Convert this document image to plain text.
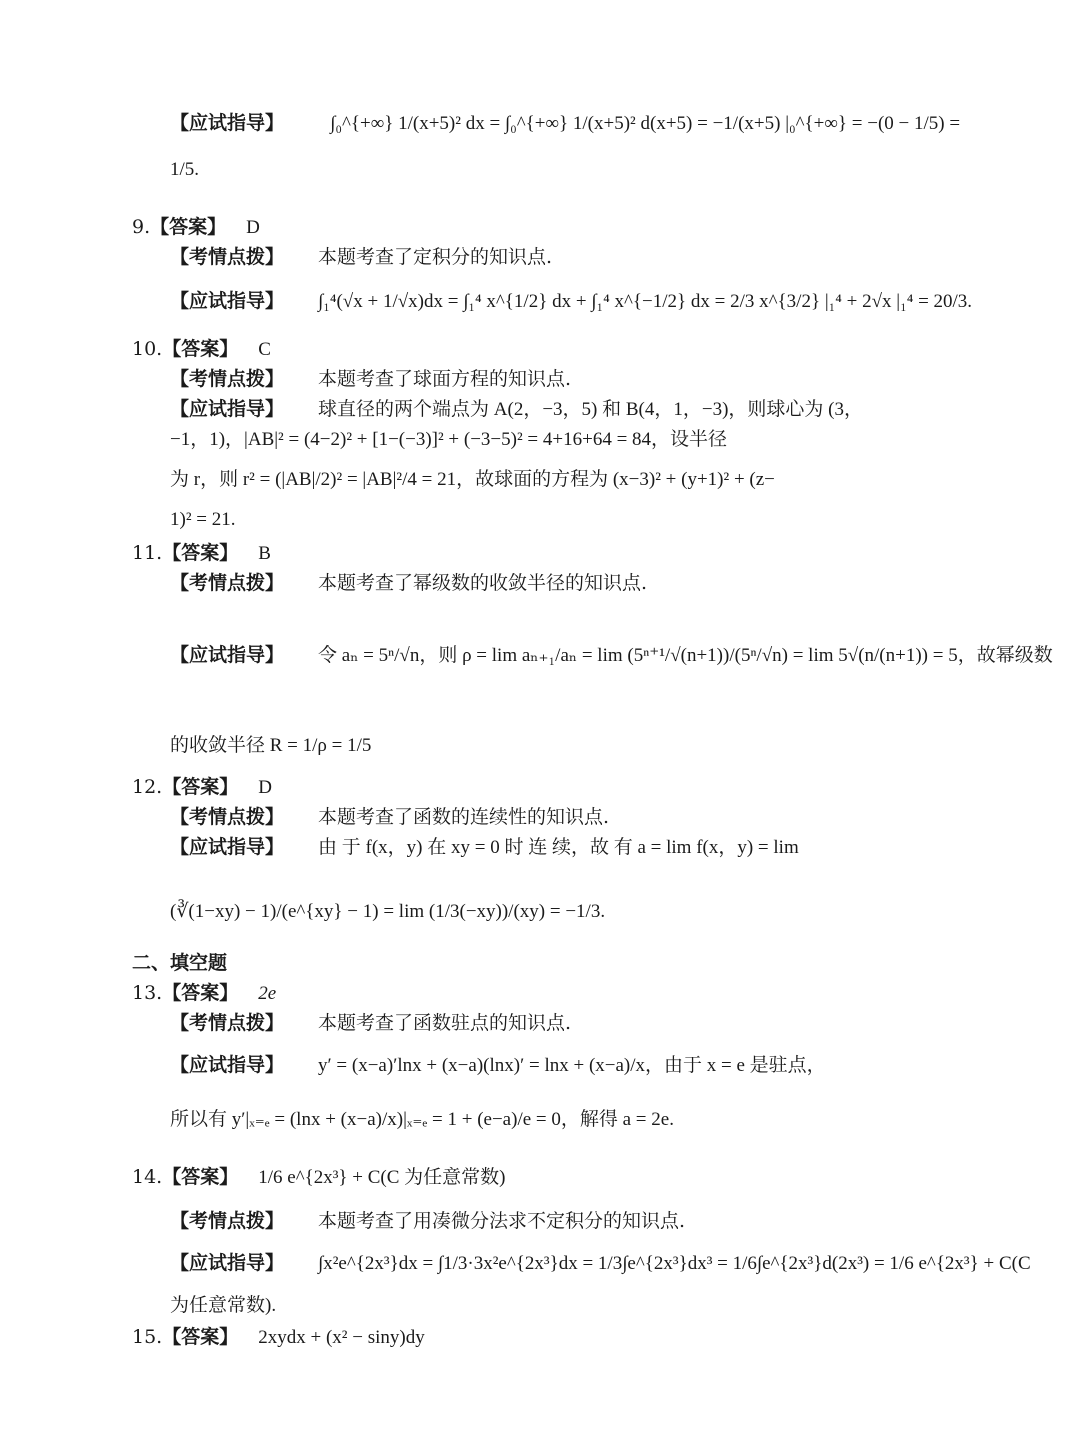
【应试指导】 ∫₀^{+∞} 1/(x+5)² dx = ∫₀^{+∞} 1/(x+5)² d(x+5) = −1/(x+5) |₀^{+∞} = −(0 − 1/5) =
1/5.
9.【答案】 D
【考情点拨】 本题考查了定积分的知识点.
【应试指导】 ∫₁⁴(√x + 1/√x)dx = ∫₁⁴ x^{1/2} dx + ∫₁⁴ x^{−1/2} dx = 2/3 x^{3/2} |₁⁴ + 2√x |₁⁴ = 20/3.
10.【答案】 C
【考情点拨】 本题考查了球面方程的知识点.
【应试指导】 球直径的两个端点为 A(2，−3，5) 和 B(4，1，−3)，则球心为 (3，
−1，1)，|AB|² = (4−2)² + [1−(−3)]² + (−3−5)² = 4+16+64 = 84，设半径
为 r，则 r² = (|AB|/2)² = |AB|²/4 = 21，故球面的方程为 (x−3)² + (y+1)² + (z−
1)² = 21.
11.【答案】 B
【考情点拨】 本题考查了幂级数的收敛半径的知识点.
【应试指导】 令 aₙ = 5ⁿ/√n，则 ρ = lim aₙ₊₁/aₙ = lim (5ⁿ⁺¹/√(n+1))/(5ⁿ/√n) = lim 5√(n/(n+1)) = 5，故幂级数
的收敛半径 R = 1/ρ = 1/5
12.【答案】 D
【考情点拨】 本题考查了函数的连续性的知识点.
【应试指导】 由 于 f(x，y) 在 xy = 0 时 连 续，故 有 a = lim f(x，y) = lim
(∛(1−xy) − 1)/(e^{xy} − 1) = lim (1/3(−xy))/(xy) = −1/3.
二、填空题
13.【答案】 2e
【考情点拨】 本题考查了函数驻点的知识点.
【应试指导】 y′ = (x−a)′lnx + (x−a)(lnx)′ = lnx + (x−a)/x，由于 x = e 是驻点，
所以有 y′|ₓ₌ₑ = (lnx + (x−a)/x)|ₓ₌ₑ = 1 + (e−a)/e = 0，解得 a = 2e.
14.【答案】 1/6 e^{2x³} + C(C 为任意常数)
【考情点拨】 本题考查了用凑微分法求不定积分的知识点.
【应试指导】 ∫x²e^{2x³}dx = ∫1/3·3x²e^{2x³}dx = 1/3∫e^{2x³}dx³ = 1/6∫e^{2x³}d(2x³) = 1/6 e^{2x³} + C(C
为任意常数).
15.【答案】 2xydx + (x² − siny)dy
